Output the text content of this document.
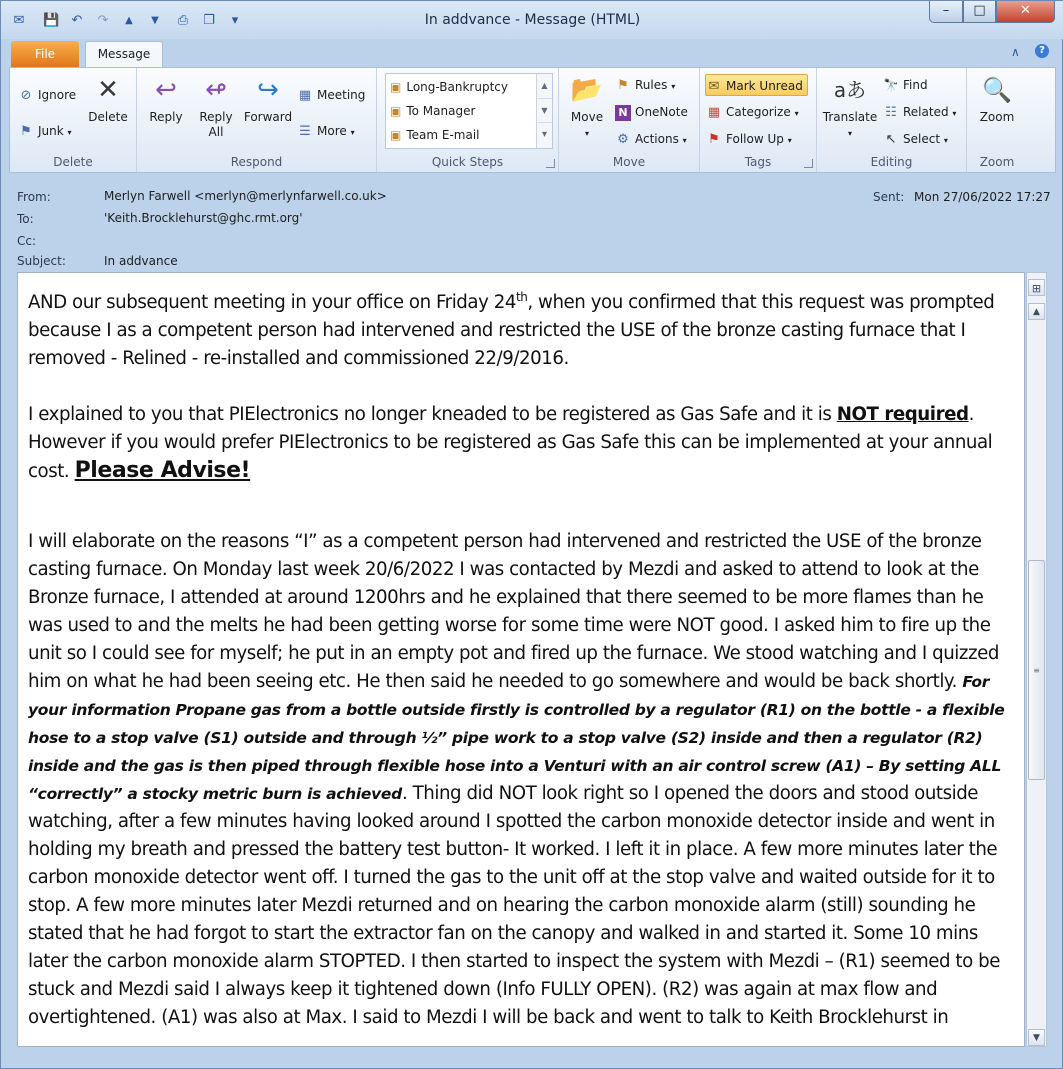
✉ 💾 ↶ ↷	▲	▼	⎙ ❐	▾	In addvance - Message (HTML)
–	□	✕
File	Message	∧	?
⊘ Ignore
⚑ Junk ▾
✕
Delete
Delete
↩
Reply
↫
Reply
All
↪
Forward
▦ Meeting
☰ More ▾
Respond
▣ Long-Bankruptcy
▣ To Manager
▣ Team E-mail
▲
▼
▾
Quick Steps
📂
Move
▾
⚑ Rules ▾
N OneNote
⚙ Actions ▾
Move
✉ Mark Unread
▦ Categorize ▾
⚑ Follow Up ▾
Tags
aあ
Translate
▾
🔭 Find
☷ Related ▾
↖ Select ▾
Editing
🔍
Zoom
Zoom
From:	Merlyn Farwell <merlyn@merlynfarwell.co.uk>
To:	'Keith.Brocklehurst@ghc.rmt.org'
Cc:
Subject:	In addvance
Sent: Mon 27/06/2022 17:27

AND our subsequent meeting in your office on Friday 24th, when you confirmed that this request was prompted because I as a competent person had intervened and restricted the USE of the bronze casting furnace that I removed - Relined - re-installed and commissioned 22/9/2016.

I explained to you that PIElectronics no longer kneaded to be registered as Gas Safe and it is NOT required. However if you would prefer PIElectronics to be registered as Gas Safe this can be implemented at your annual cost. Please Advise!

I will elaborate on the reasons “I” as a competent person had intervened and restricted the USE of the bronze casting furnace. On Monday last week 20/6/2022 I was contacted by Mezdi and asked to attend to look at the Bronze furnace, I attended at around 1200hrs and he explained that there seemed to be more flames than he was used to and the melts he had been getting worse for some time were NOT good. I asked him to fire up the unit so I could see for myself; he put in an empty pot and fired up the furnace. We stood watching and I quizzed him on what he had been seeing etc. He then said he needed to go somewhere and would be back shortly. For your information Propane gas from a bottle outside firstly is controlled by a regulator (R1) on the bottle - a flexible hose to a stop valve (S1) outside and through ½” pipe work to a stop valve (S2) inside and then a regulator (R2) inside and the gas is then piped through flexible hose into a Venturi with an air control screw (A1) – By setting ALL “correctly” a stocky metric burn is achieved. Thing did NOT look right so I opened the doors and stood outside watching, after a few minutes having looked around I spotted the carbon monoxide detector inside and went in holding my breath and pressed the battery test button- It worked. I left it in place. A few more minutes later the carbon monoxide detector went off. I turned the gas to the unit off at the stop valve and waited outside for it to stop. A few more minutes later Mezdi returned and on hearing the carbon monoxide alarm (still) sounding he stated that he had forgot to start the extractor fan on the canopy and walked in and started it. Some 10 mins later the carbon monoxide alarm STOPTED. I then started to inspect the system with Mezdi – (R1) seemed to be stuck and Mezdi said I always keep it tightened down (Info FULLY OPEN). (R2) was again at max flow and overtightened. (A1) was also at Max. I said to Mezdi I will be back and went to talk to Keith Brocklehurst in

⊞
▲
≡
▼
